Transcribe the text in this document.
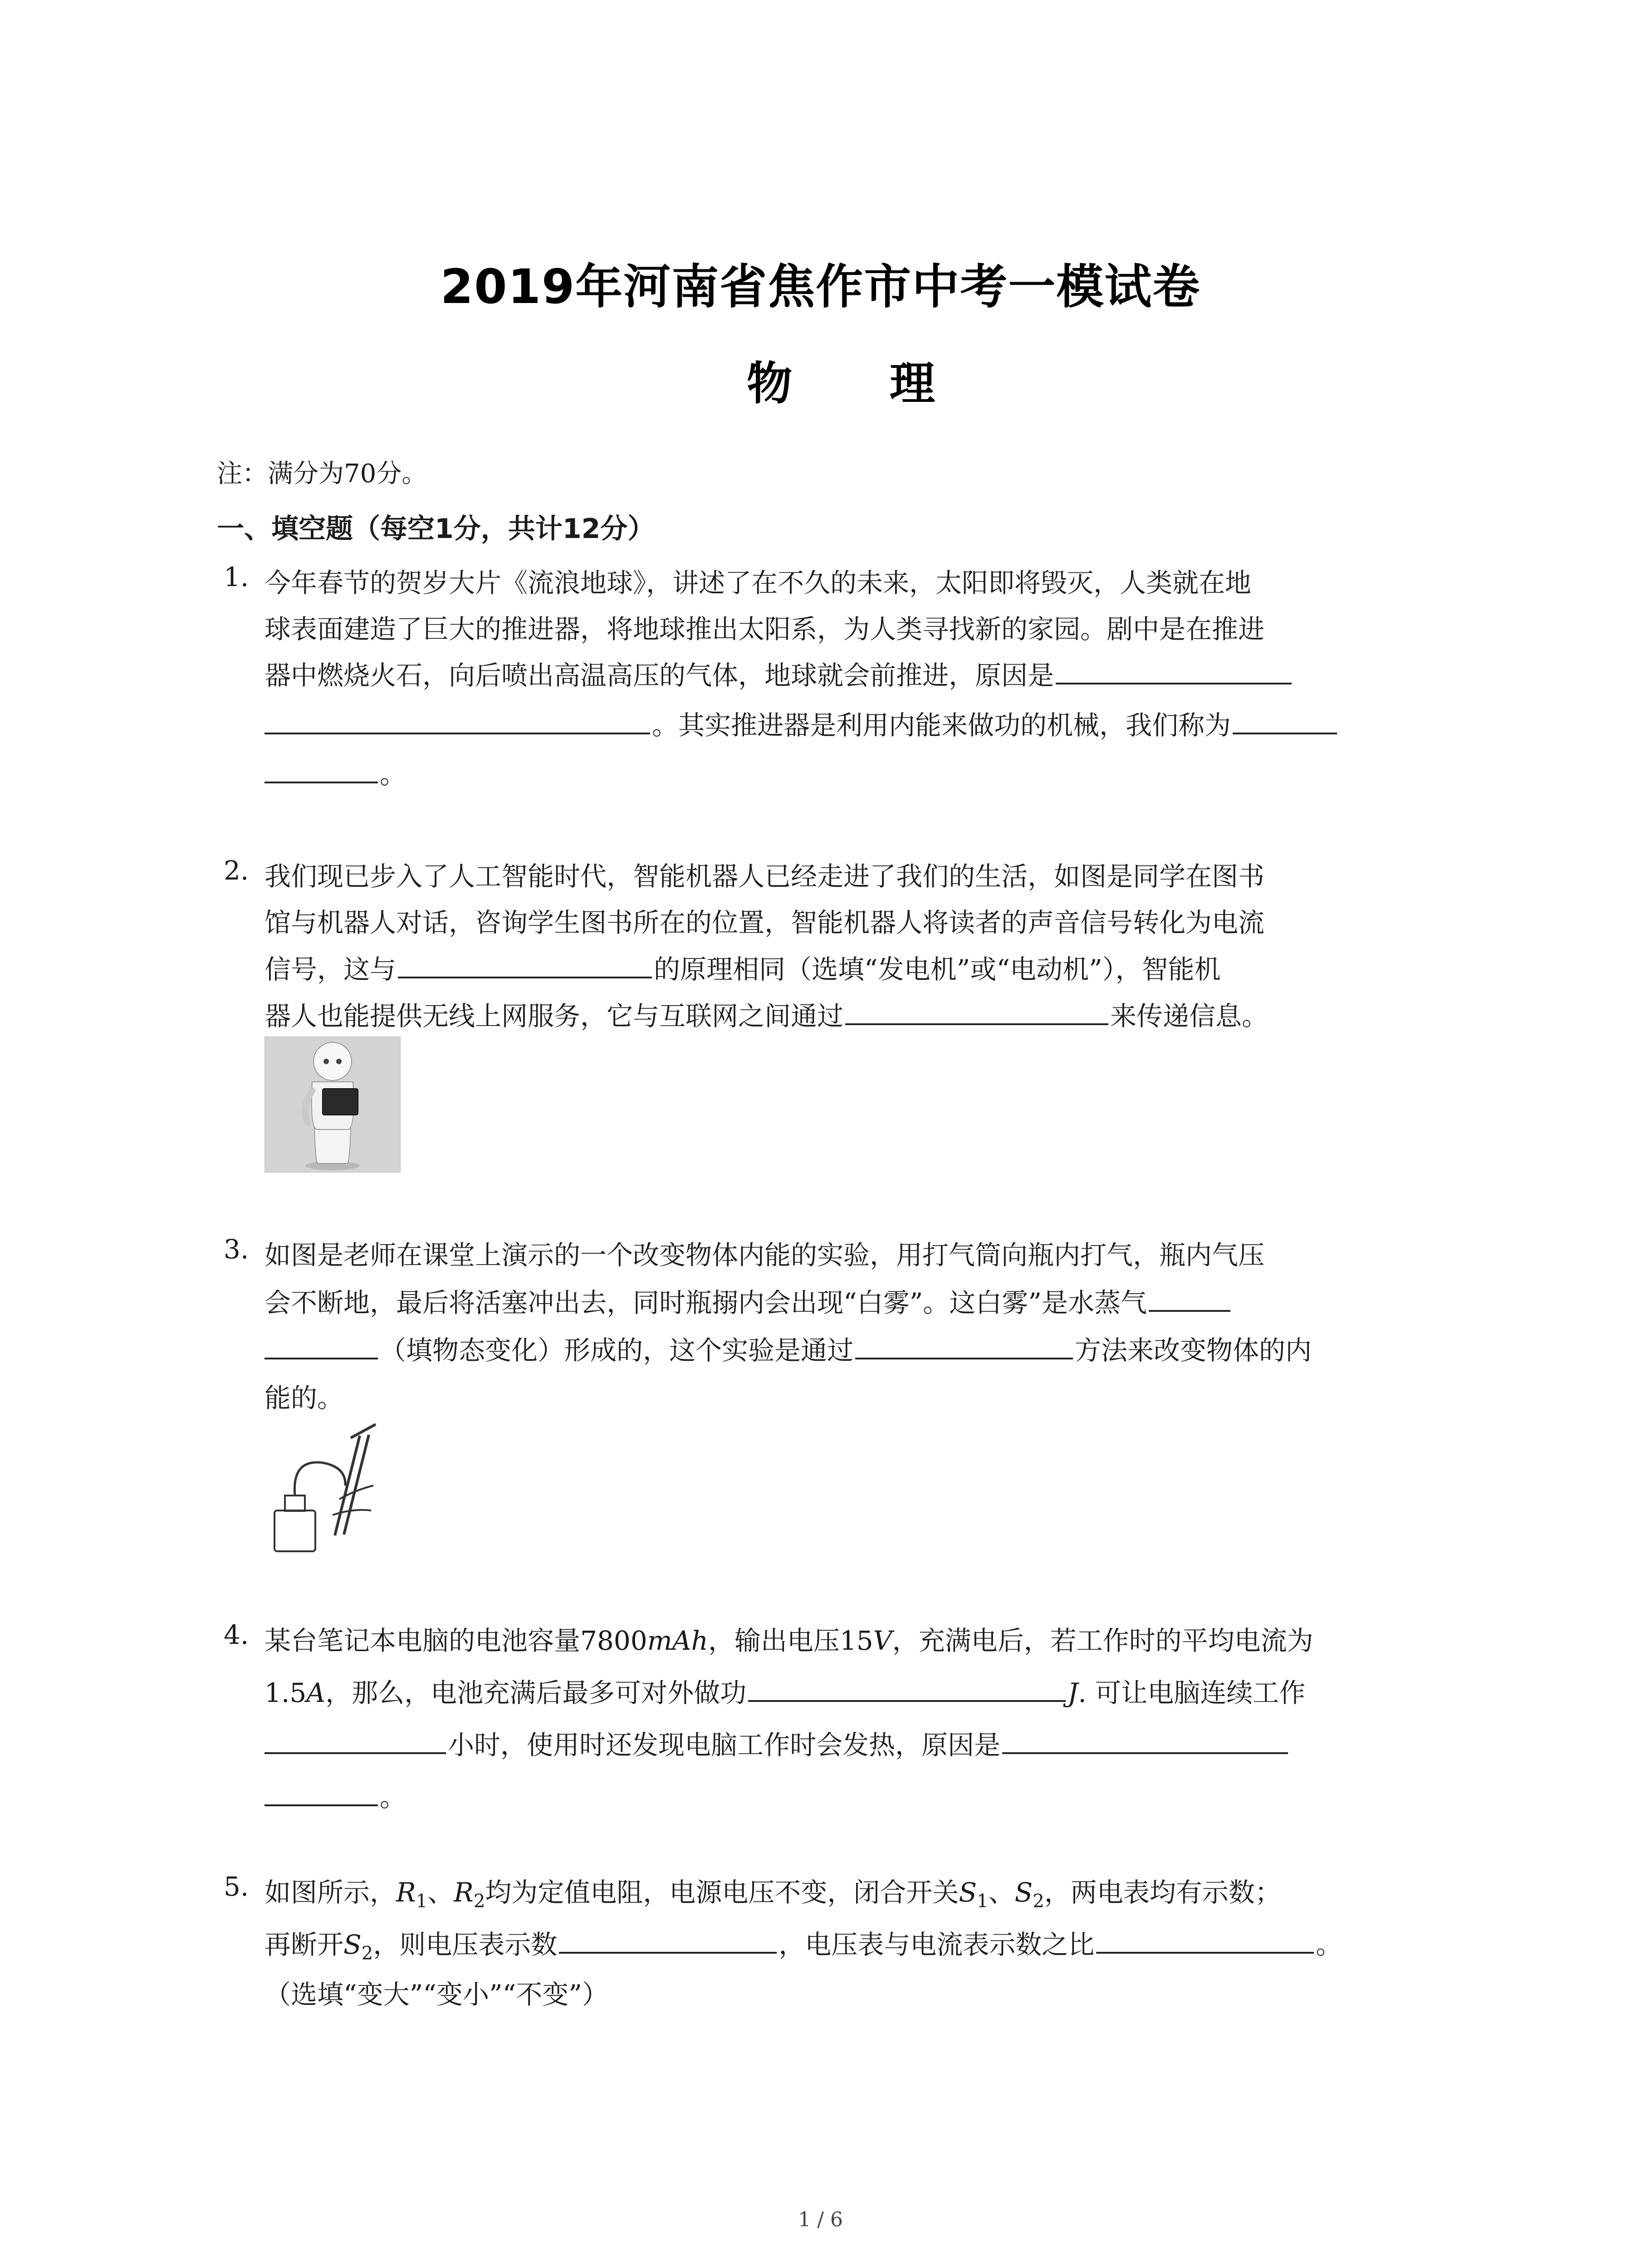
2019年河南省焦作市中考一模试卷
物 理
注：满分为70分。
一、填空题（每空1分，共计12分）
1. 今年春节的贺岁大片《流浪地球》，讲述了在不久的未来，太阳即将毁灭，人类就在地
球表面建造了巨大的推进器，将地球推出太阳系，为人类寻找新的家园。剧中是在推进
器中燃烧火石，向后喷出高温高压的气体，地球就会前推进，原因是
。其实推进器是利用内能来做功的机械，我们称为
。
2. 我们现已步入了人工智能时代，智能机器人已经走进了我们的生活，如图是同学在图书
馆与机器人对话，咨询学生图书所在的位置，智能机器人将读者的声音信号转化为电流
信号，这与	的原理相同（选填“发电机”或“电动机”），智能机
器人也能提供无线上网服务，它与互联网之间通过	来传递信息。
3. 如图是老师在课堂上演示的一个改变物体内能的实验，用打气筒向瓶内打气，瓶内气压
会不断地，最后将活塞冲出去，同时瓶搦内会出现“白雾”。这白雾”是水蒸气
（填物态变化）形成的，这个实验是通过	方法来改变物体的内
能的。
4. 某台笔记本电脑的电池容量7800mAh，输出电压15V，充满电后，若工作时的平均电流为
1.5A，那么，电池充满后最多可对外做功	J. 可让电脑连续工作
小时，使用时还发现电脑工作时会发热，原因是
。
5. 如图所示，$R_1$、$R_2$均为定值电阻，电源电压不变，闭合开关$S_1$、$S_2$，两电表均有示数；
再断开$S_2$，则电压表示数	，电压表与电流表示数之比	。
（选填“变大”“变小”“不变”）
1 / 6
